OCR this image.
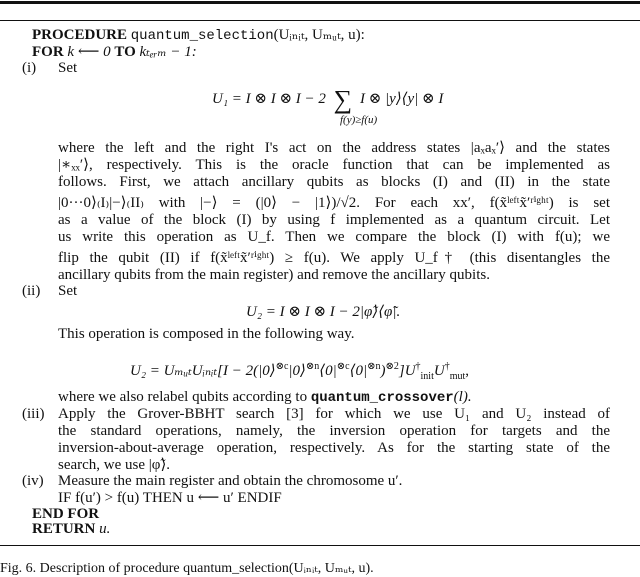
PROCEDURE quantum_selection(Uᵢₙᵢₜ, Uₘᵤₜ, u):
FOR k ⟵ 0 TO kₜₑᵣₘ − 1:
(i) Set
U₁ = I ⊗ I ⊗ I − 2 ∑ I ⊗ |y⟩⟨y| ⊗ I
f(y)≥f(u)
where the left and the right I's act on the address states |aₓaₓ′⟩ and the states
|∗ₓₓ′⟩, respectively. This is the oracle function that can be implemented as
follows. First, we attach ancillary qubits as blocks (I) and (II) in the state
|0···0⟩₍I₎|−⟩₍II₎ with |−⟩ = (|0⟩ − |1⟩)/√2. For each xx′, f(x̃ˡᵉᶠᵗx̃′ʳⁱᵍʰᵗ) is set
as a value of the block (I) by using f implemented as a quantum circuit. Let
us write this operation as U_f. Then we compare the block (I) with f(u); we
flip the qubit (II) if f(x̃ˡᵉᶠᵗx̃′ʳⁱᵍʰᵗ) ≥ f(u). We apply U_f† (this disentangles the
ancillary qubits from the main register) and remove the ancillary qubits.
(ii) Set
U₂ = I ⊗ I ⊗ I − 2|φ̃⟩⟨φ̃|.
This operation is composed in the following way.
U₂ = UₘᵤₜUᵢₙᵢₜ[I − $2(|0⟩^{\otimes c}|0⟩^{\otimes n}⟨0|^{\otimes c}⟨0|^{\otimes n})^{\otimes 2}]U^\dagger_{init}U^\dagger_{mut}$,
where we also relabel qubits according to quantum_crossover(l).
(iii) Apply the Grover-BBHT search [3] for which we use U₁ and U₂ instead of
the standard operations, namely, the inversion operation for targets and the
inversion-about-average operation, respectively. As for the starting state of the
search, we use |φ̃⟩.
(iv) Measure the main register and obtain the chromosome u′.
IF f(u′) > f(u) THEN u ⟵ u′ ENDIF
END FOR
RETURN u.
Fig. 6. Description of procedure quantum_selection(Uᵢₙᵢₜ, Uₘᵤₜ, u).
